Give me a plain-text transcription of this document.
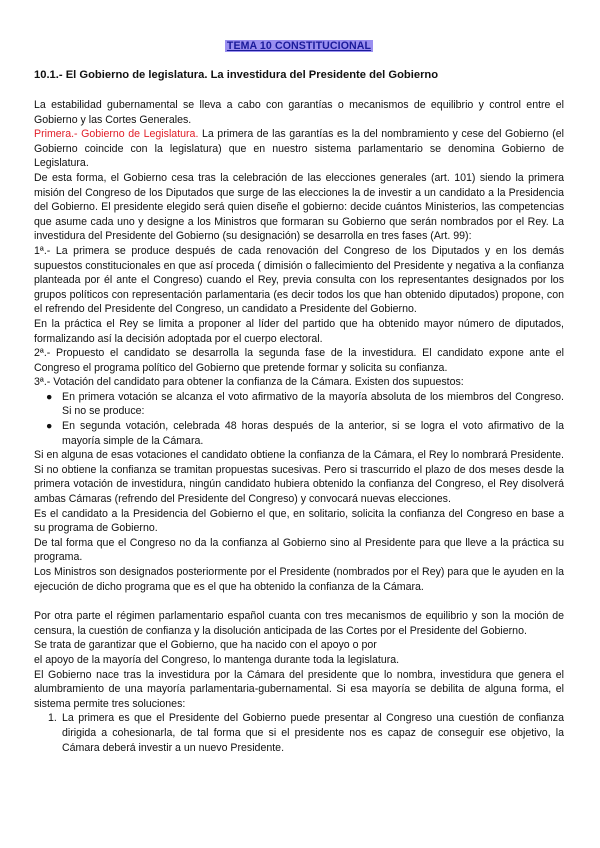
TEMA 10 CONSTITUCIONAL
10.1.- El Gobierno de legislatura. La investidura del Presidente del Gobierno

La estabilidad gubernamental se lleva a cabo con garantías o mecanismos de equilibrio y control entre el Gobierno y las Cortes Generales.

Primera.- Gobierno de Legislatura. La primera de las garantías es la del nombramiento y cese del Gobierno (el Gobierno coincide con la legislatura) que en nuestro sistema parlamentario se denomina Gobierno de Legislatura.

De esta forma, el Gobierno cesa tras la celebración de las elecciones generales (art. 101) siendo la primera misión del Congreso de los Diputados que surge de las elecciones la de investir a un candidato a la Presidencia del Gobierno. El presidente elegido será quien diseñe el gobierno: decide cuántos Ministerios, las competencias que asume cada uno y designe a los Ministros que formaran su Gobierno que serán nombrados por el Rey. La investidura del Presidente del Gobierno (su designación) se desarrolla en tres fases (Art. 99):

1ª.- La primera se produce después de cada renovación del Congreso de los Diputados y en los demás supuestos constitucionales en que así proceda ( dimisión o fallecimiento del Presidente y negativa a la confianza planteada por él ante el Congreso) cuando el Rey, previa consulta con los representantes designados por los grupos políticos con representación parlamentaria (es decir todos los que han obtenido diputados) propone, con el refrendo del Presidente del Congreso, un candidato a Presidente del Gobierno.

En la práctica el Rey se limita a proponer al líder del partido que ha obtenido mayor número de diputados, formalizando así la decisión adoptada por el cuerpo electoral.

2ª.- Propuesto el candidato se desarrolla la segunda fase de la investidura. El candidato expone ante el Congreso el programa político del Gobierno que pretende formar y solicita su confianza.

3ª.- Votación del candidato para obtener la confianza de la Cámara. Existen dos supuestos:

● En primera votación se alcanza el voto afirmativo de la mayoría absoluta de los miembros del Congreso. Si no se produce:
● En segunda votación, celebrada 48 horas después de la anterior, si se logra el voto afirmativo de la mayoría simple de la Cámara.

Si en alguna de esas votaciones el candidato obtiene la confianza de la Cámara, el Rey lo nombrará Presidente. Si no obtiene la confianza se tramitan propuestas sucesivas. Pero si trascurrido el plazo de dos meses desde la primera votación de investidura, ningún candidato hubiera obtenido la confianza del Congreso, el Rey disolverá ambas Cámaras (refrendo del Presidente del Congreso) y convocará nuevas elecciones.

Es el candidato a la Presidencia del Gobierno el que, en solitario, solicita la confianza del Congreso en base a su programa de Gobierno.

De tal forma que el Congreso no da la confianza al Gobierno sino al Presidente para que lleve a la práctica su programa.

Los Ministros son designados posteriormente por el Presidente (nombrados por el Rey) para que le ayuden en la ejecución de dicho programa que es el que ha obtenido la confianza de la Cámara.

Por otra parte el régimen parlamentario español cuanta con tres mecanismos de equilibrio y son la moción de censura, la cuestión de confianza y la disolución anticipada de las Cortes por el Presidente del Gobierno.

Se trata de garantizar que el Gobierno, que ha nacido con el apoyo o por

el apoyo de la mayoría del Congreso, lo mantenga durante toda la legislatura.

El Gobierno nace tras la investidura por la Cámara del presidente que lo nombra, investidura que genera el alumbramiento de una mayoría parlamentaria-gubernamental. Si esa mayoría se debilita de alguna forma, el sistema permite tres soluciones:

1. La primera es que el Presidente del Gobierno puede presentar al Congreso una cuestión de confianza dirigida a cohesionarla, de tal forma que si el presidente nos es capaz de conseguir ese objetivo, la Cámara deberá investir a un nuevo Presidente.
